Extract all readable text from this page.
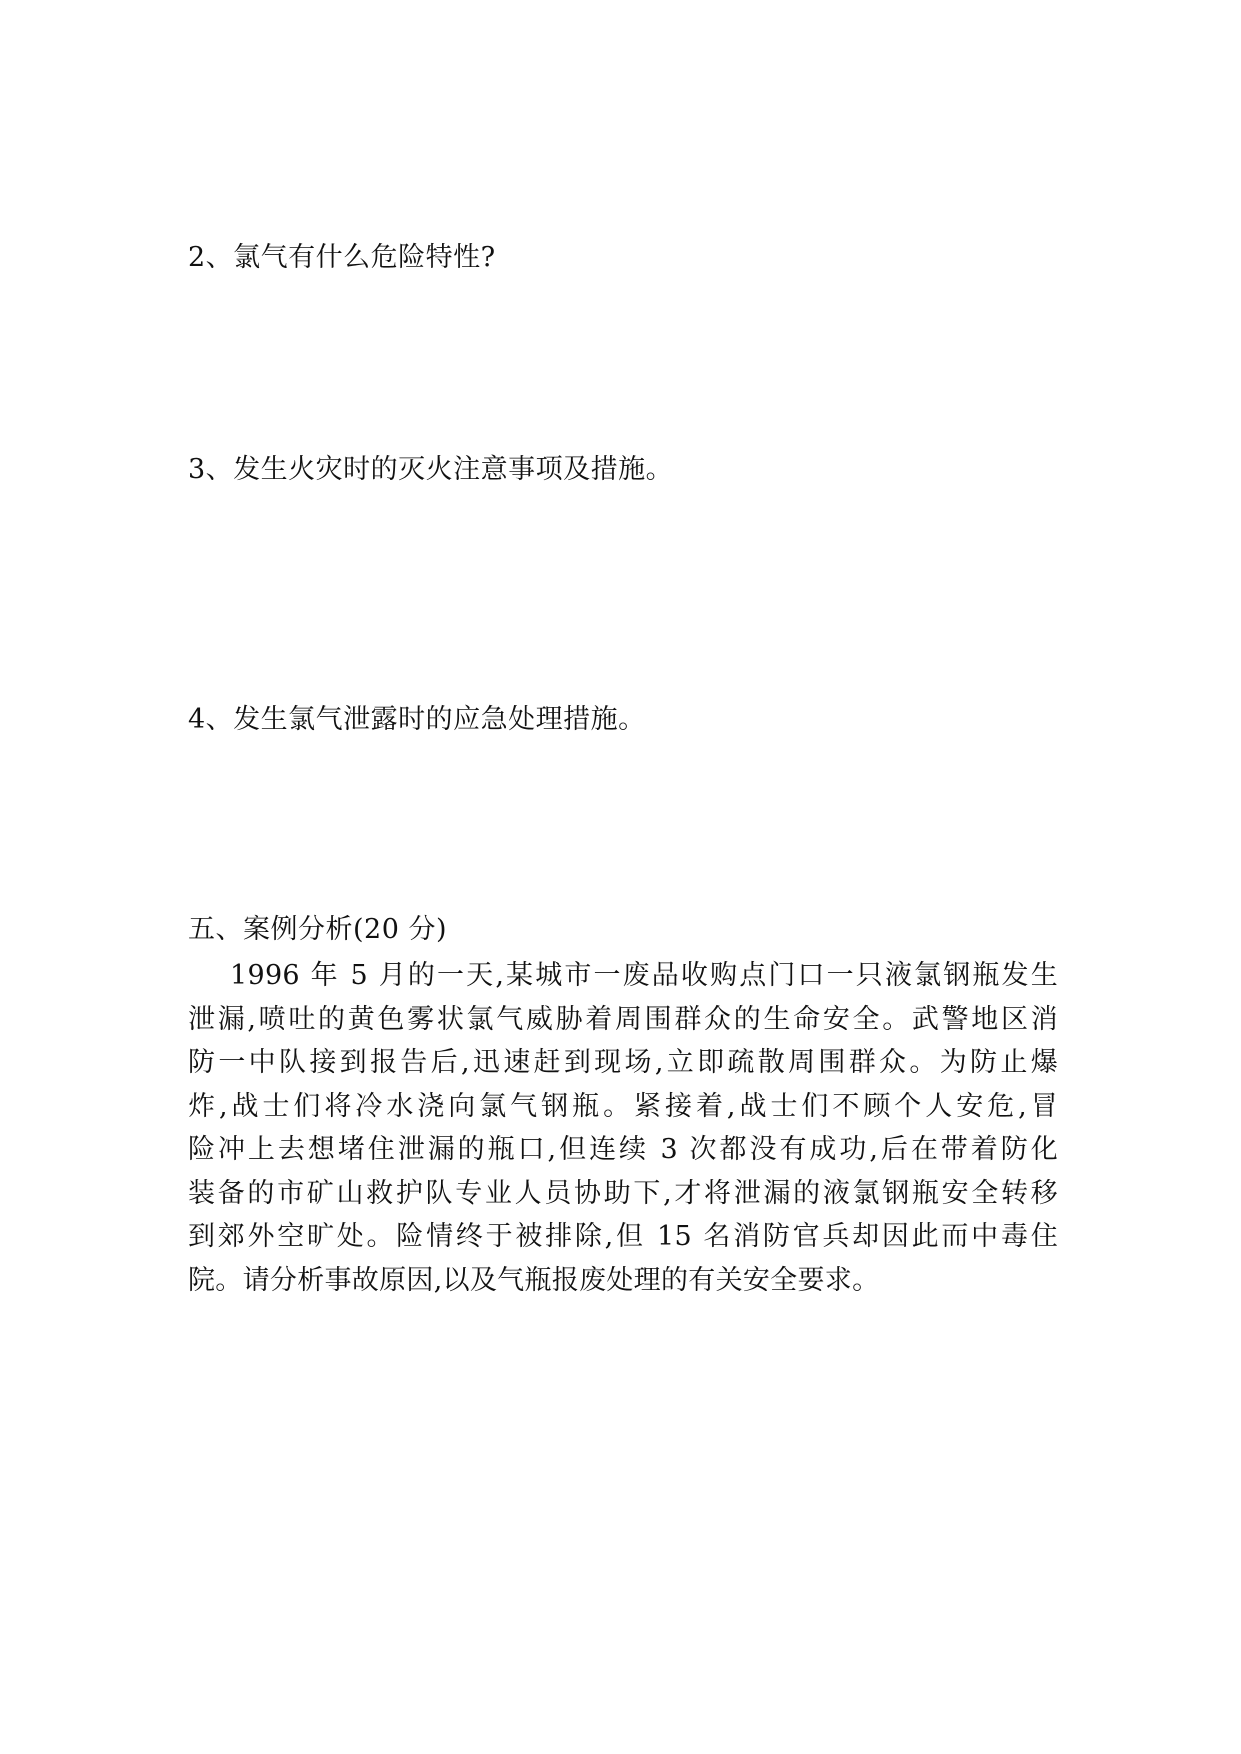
2、氯气有什么危险特性?
3、发生火灾时的灭火注意事项及措施。
4、发生氯气泄露时的应急处理措施。
五、案例分析(20 分)
1996 年 5 月的一天,某城市一废品收购点门口一只液氯钢瓶发生
泄漏,喷吐的黄色雾状氯气威胁着周围群众的生命安全。武警地区消
防一中队接到报告后,迅速赶到现场,立即疏散周围群众。为防止爆
炸,战士们将冷水浇向氯气钢瓶。紧接着,战士们不顾个人安危,冒
险冲上去想堵住泄漏的瓶口,但连续 3 次都没有成功,后在带着防化
装备的市矿山救护队专业人员协助下,才将泄漏的液氯钢瓶安全转移
到郊外空旷处。险情终于被排除,但 15 名消防官兵却因此而中毒住
院。请分析事故原因,以及气瓶报废处理的有关安全要求。
